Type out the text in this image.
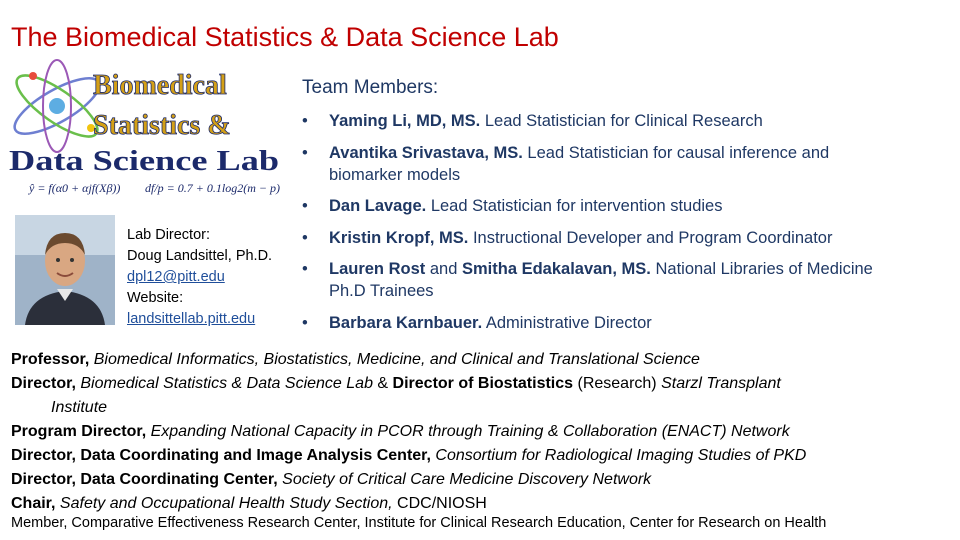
The Biomedical Statistics & Data Science Lab
Biomedical
Statistics &
Data Science Lab
ŷ = f(α0 + αjf(Xβ)) df/p = 0.7 + 0.1log2(m − p)
Lab Director:
Doug Landsittel, Ph.D.
dpl12@pitt.edu
Website:
landsittellab.pitt.edu
Team Members:
• Yaming Li, MD, MS. Lead Statistician for Clinical Research
• Avantika Srivastava, MS. Lead Statistician for causal inference and
biomarker models
• Dan Lavage. Lead Statistician for intervention studies
• Kristin Kropf, MS. Instructional Developer and Program Coordinator
• Lauren Rost and Smitha Edakalavan, MS. National Libraries of Medicine
Ph.D Trainees
• Barbara Karnbauer. Administrative Director

Professor, Biomedical Informatics, Biostatistics, Medicine, and Clinical and Translational Science

Director, Biomedical Statistics & Data Science Lab & Director of Biostatistics (Research) Starzl Transplant

Institute

Program Director, Expanding National Capacity in PCOR through Training & Collaboration (ENACT) Network

Director, Data Coordinating and Image Analysis Center, Consortium for Radiological Imaging Studies of PKD

Director, Data Coordinating Center, Society of Critical Care Medicine Discovery Network

Chair, Safety and Occupational Health Study Section, CDC/NIOSH

Member, Comparative Effectiveness Research Center, Institute for Clinical Research Education, Center for Research on Health
